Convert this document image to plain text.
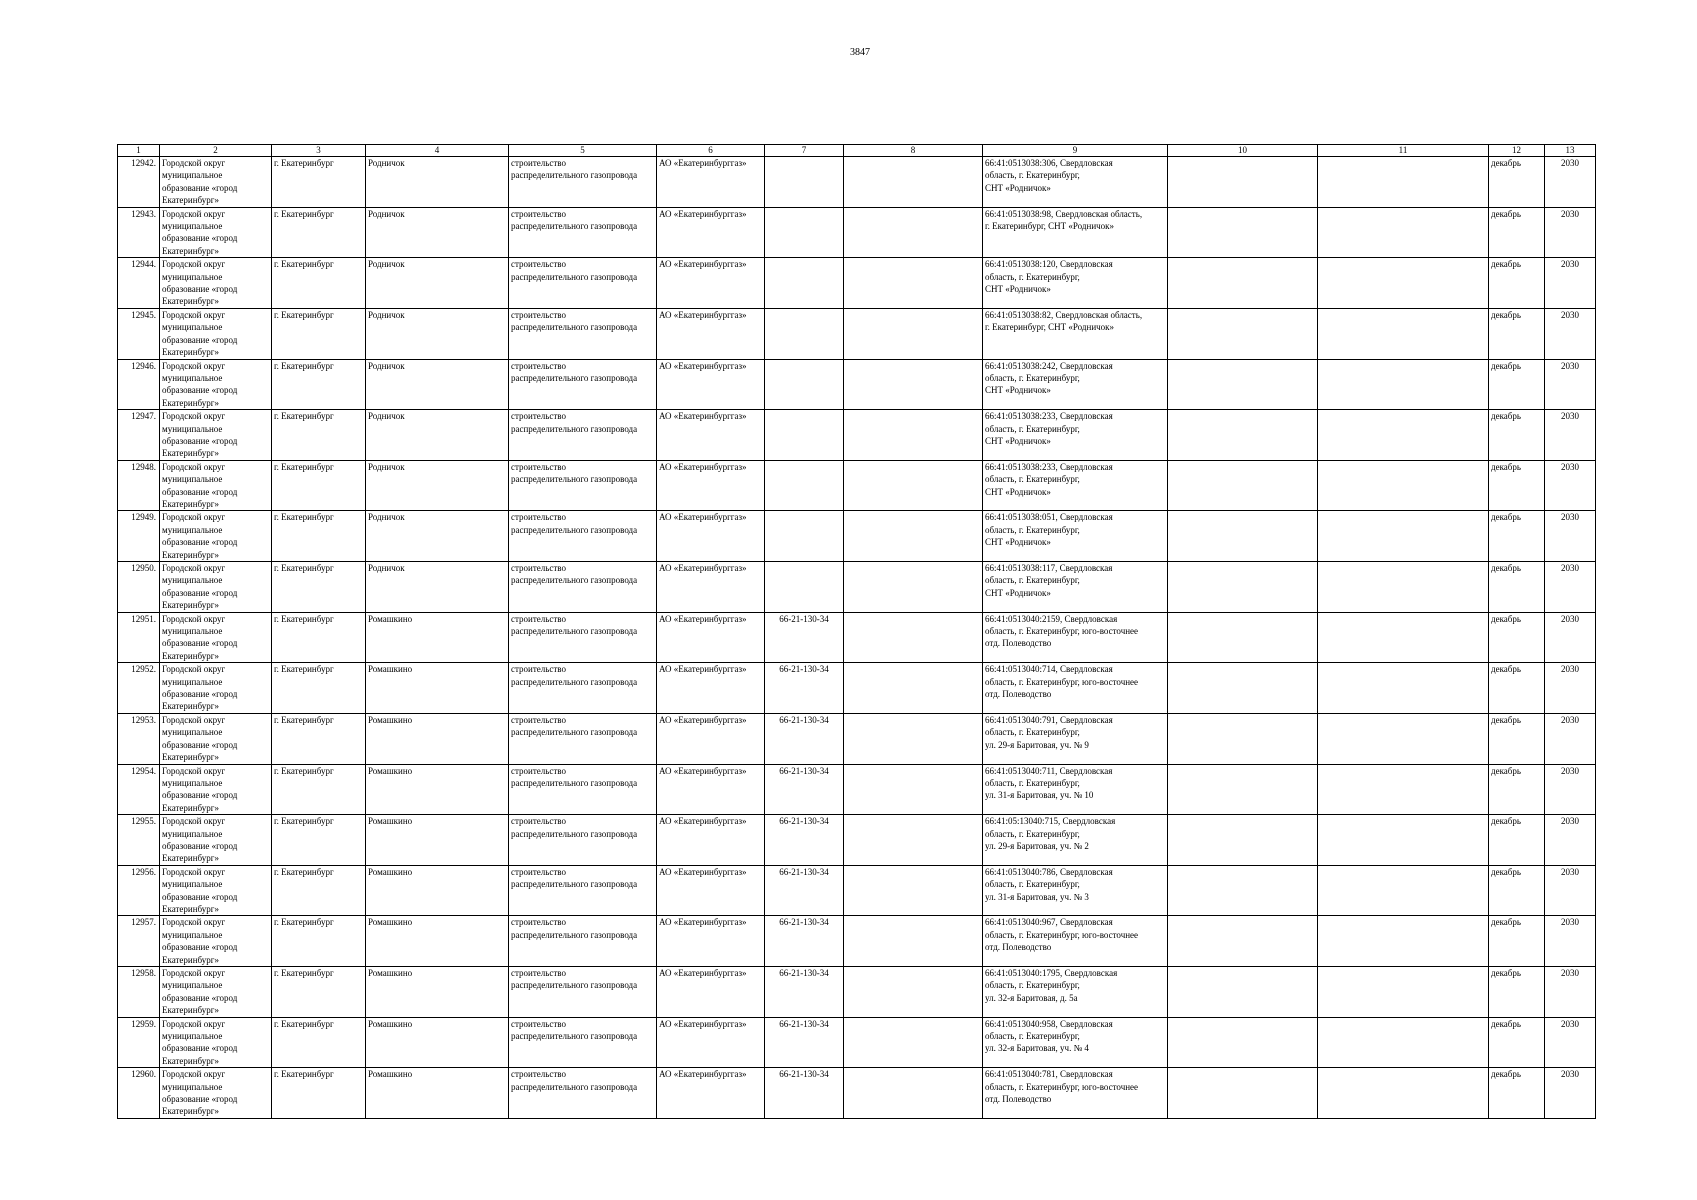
3847
1	2	3	4	5	6	7	8	9	10	11	12	13
12942.	Городской округ
муниципальное
образование «город
Екатеринбург»	г. Екатеринбург	Родничок	строительство
распределительного газопровода	АО «Екатеринбурггаз»			66:41:0513038:306, Свердловская
область, г. Екатеринбург,
СНТ «Родничок»			декабрь	2030
12943.	Городской округ
муниципальное
образование «город
Екатеринбург»	г. Екатеринбург	Родничок	строительство
распределительного газопровода	АО «Екатеринбурггаз»			66:41:0513038:98, Свердловская область,
г. Екатеринбург, СНТ «Родничок»			декабрь	2030
12944.	Городской округ
муниципальное
образование «город
Екатеринбург»	г. Екатеринбург	Родничок	строительство
распределительного газопровода	АО «Екатеринбурггаз»			66:41:0513038:120, Свердловская
область, г. Екатеринбург,
СНТ «Родничок»			декабрь	2030
12945.	Городской округ
муниципальное
образование «город
Екатеринбург»	г. Екатеринбург	Родничок	строительство
распределительного газопровода	АО «Екатеринбурггаз»			66:41:0513038:82, Свердловская область,
г. Екатеринбург, СНТ «Родничок»			декабрь	2030
12946.	Городской округ
муниципальное
образование «город
Екатеринбург»	г. Екатеринбург	Родничок	строительство
распределительного газопровода	АО «Екатеринбурггаз»			66:41:0513038:242, Свердловская
область, г. Екатеринбург,
СНТ «Родничок»			декабрь	2030
12947.	Городской округ
муниципальное
образование «город
Екатеринбург»	г. Екатеринбург	Родничок	строительство
распределительного газопровода	АО «Екатеринбурггаз»			66:41:0513038:233, Свердловская
область, г. Екатеринбург,
СНТ «Родничок»			декабрь	2030
12948.	Городской округ
муниципальное
образование «город
Екатеринбург»	г. Екатеринбург	Родничок	строительство
распределительного газопровода	АО «Екатеринбурггаз»			66:41:0513038:233, Свердловская
область, г. Екатеринбург,
СНТ «Родничок»			декабрь	2030
12949.	Городской округ
муниципальное
образование «город
Екатеринбург»	г. Екатеринбург	Родничок	строительство
распределительного газопровода	АО «Екатеринбурггаз»			66:41:0513038:051, Свердловская
область, г. Екатеринбург,
СНТ «Родничок»			декабрь	2030
12950.	Городской округ
муниципальное
образование «город
Екатеринбург»	г. Екатеринбург	Родничок	строительство
распределительного газопровода	АО «Екатеринбурггаз»			66:41:0513038:117, Свердловская
область, г. Екатеринбург,
СНТ «Родничок»			декабрь	2030
12951.	Городской округ
муниципальное
образование «город
Екатеринбург»	г. Екатеринбург	Ромашкино	строительство
распределительного газопровода	АО «Екатеринбурггаз»	66-21-130-34		66:41:0513040:2159, Свердловская
область, г. Екатеринбург, юго-восточнее
отд. Полеводство			декабрь	2030
12952.	Городской округ
муниципальное
образование «город
Екатеринбург»	г. Екатеринбург	Ромашкино	строительство
распределительного газопровода	АО «Екатеринбурггаз»	66-21-130-34		66:41:0513040:714, Свердловская
область, г. Екатеринбург, юго-восточнее
отд. Полеводство			декабрь	2030
12953.	Городской округ
муниципальное
образование «город
Екатеринбург»	г. Екатеринбург	Ромашкино	строительство
распределительного газопровода	АО «Екатеринбурггаз»	66-21-130-34		66:41:0513040:791, Свердловская
область, г. Екатеринбург,
ул. 29-я Баритовая, уч. № 9			декабрь	2030
12954.	Городской округ
муниципальное
образование «город
Екатеринбург»	г. Екатеринбург	Ромашкино	строительство
распределительного газопровода	АО «Екатеринбурггаз»	66-21-130-34		66:41:0513040:711, Свердловская
область, г. Екатеринбург,
ул. 31-я Баритовая, уч. № 10			декабрь	2030
12955.	Городской округ
муниципальное
образование «город
Екатеринбург»	г. Екатеринбург	Ромашкино	строительство
распределительного газопровода	АО «Екатеринбурггаз»	66-21-130-34		66:41:05:13040:715, Свердловская
область, г. Екатеринбург,
ул. 29-я Баритовая, уч. № 2			декабрь	2030
12956.	Городской округ
муниципальное
образование «город
Екатеринбург»	г. Екатеринбург	Ромашкино	строительство
распределительного газопровода	АО «Екатеринбурггаз»	66-21-130-34		66:41:0513040:786, Свердловская
область, г. Екатеринбург,
ул. 31-я Баритовая, уч. № 3			декабрь	2030
12957.	Городской округ
муниципальное
образование «город
Екатеринбург»	г. Екатеринбург	Ромашкино	строительство
распределительного газопровода	АО «Екатеринбурггаз»	66-21-130-34		66:41:0513040:967, Свердловская
область, г. Екатеринбург, юго-восточнее
отд. Полеводство			декабрь	2030
12958.	Городской округ
муниципальное
образование «город
Екатеринбург»	г. Екатеринбург	Ромашкино	строительство
распределительного газопровода	АО «Екатеринбурггаз»	66-21-130-34		66:41:0513040:1795, Свердловская
область, г. Екатеринбург,
ул. 32-я Баритовая, д. 5а			декабрь	2030
12959.	Городской округ
муниципальное
образование «город
Екатеринбург»	г. Екатеринбург	Ромашкино	строительство
распределительного газопровода	АО «Екатеринбурггаз»	66-21-130-34		66:41:0513040:958, Свердловская
область, г. Екатеринбург,
ул. 32-я Баритовая, уч. № 4			декабрь	2030
12960.	Городской округ
муниципальное
образование «город
Екатеринбург»	г. Екатеринбург	Ромашкино	строительство
распределительного газопровода	АО «Екатеринбурггаз»	66-21-130-34		66:41:0513040:781, Свердловская
область, г. Екатеринбург, юго-восточнее
отд. Полеводство			декабрь	2030
